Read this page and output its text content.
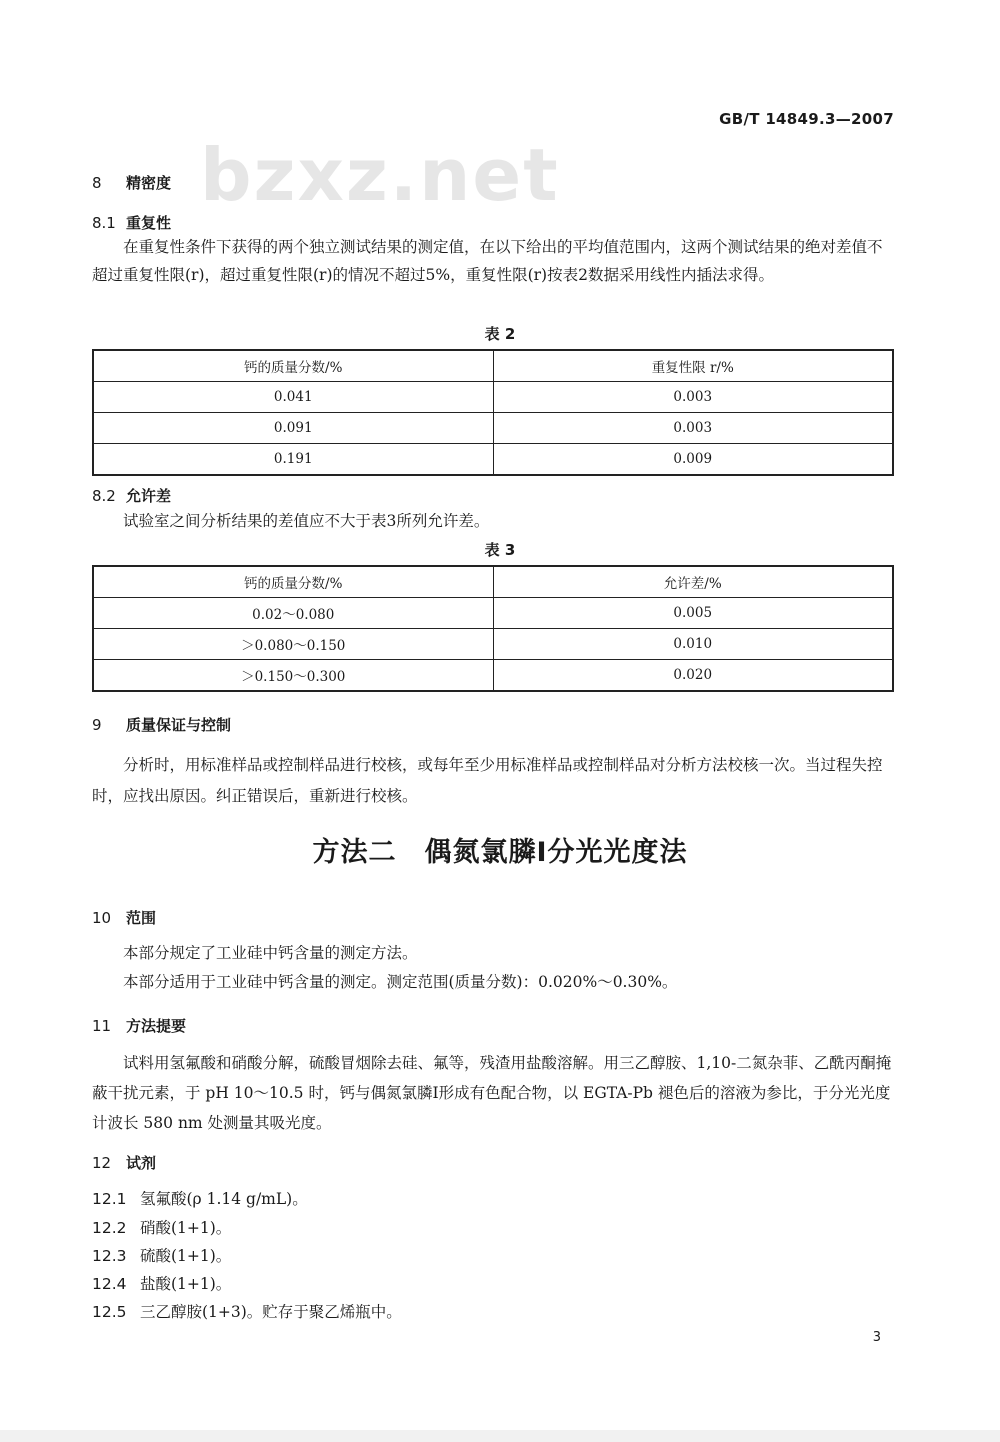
bzxz.net
GB/T 14849.3—2007
8 精密度
8.1 重复性
在重复性条件下获得的两个独立测试结果的测定值，在以下给出的平均值范围内，这两个测试结果的绝对差值不超过重复性限(r)，超过重复性限(r)的情况不超过5%，重复性限(r)按表2数据采用线性内插法求得。
表 2
钙的质量分数/%	重复性限 r/%
0.041	0.003
0.091	0.003
0.191	0.009
8.2 允许差
试验室之间分析结果的差值应不大于表3所列允许差。
表 3
钙的质量分数/%	允许差/%
0.02～0.080	0.005
＞0.080～0.150	0.010
＞0.150～0.300	0.020
9 质量保证与控制
分析时，用标准样品或控制样品进行校核，或每年至少用标准样品或控制样品对分析方法校核一次。当过程失控时，应找出原因。纠正错误后，重新进行校核。
方法二　偶氮氯膦Ⅰ分光光度法
10 范围
本部分规定了工业硅中钙含量的测定方法。
本部分适用于工业硅中钙含量的测定。测定范围(质量分数)：0.020%～0.30%。
11 方法提要
试料用氢氟酸和硝酸分解，硫酸冒烟除去硅、氟等，残渣用盐酸溶解。用三乙醇胺、1,10-二氮杂菲、乙酰丙酮掩蔽干扰元素，于 pH 10～10.5 时，钙与偶氮氯膦Ⅰ形成有色配合物，以 EGTA-Pb 褪色后的溶液为参比，于分光光度计波长 580 nm 处测量其吸光度。
12 试剂
12.1 氢氟酸(ρ 1.14 g/mL)。
12.2 硝酸(1+1)。
12.3 硫酸(1+1)。
12.4 盐酸(1+1)。
12.5 三乙醇胺(1+3)。贮存于聚乙烯瓶中。
3
